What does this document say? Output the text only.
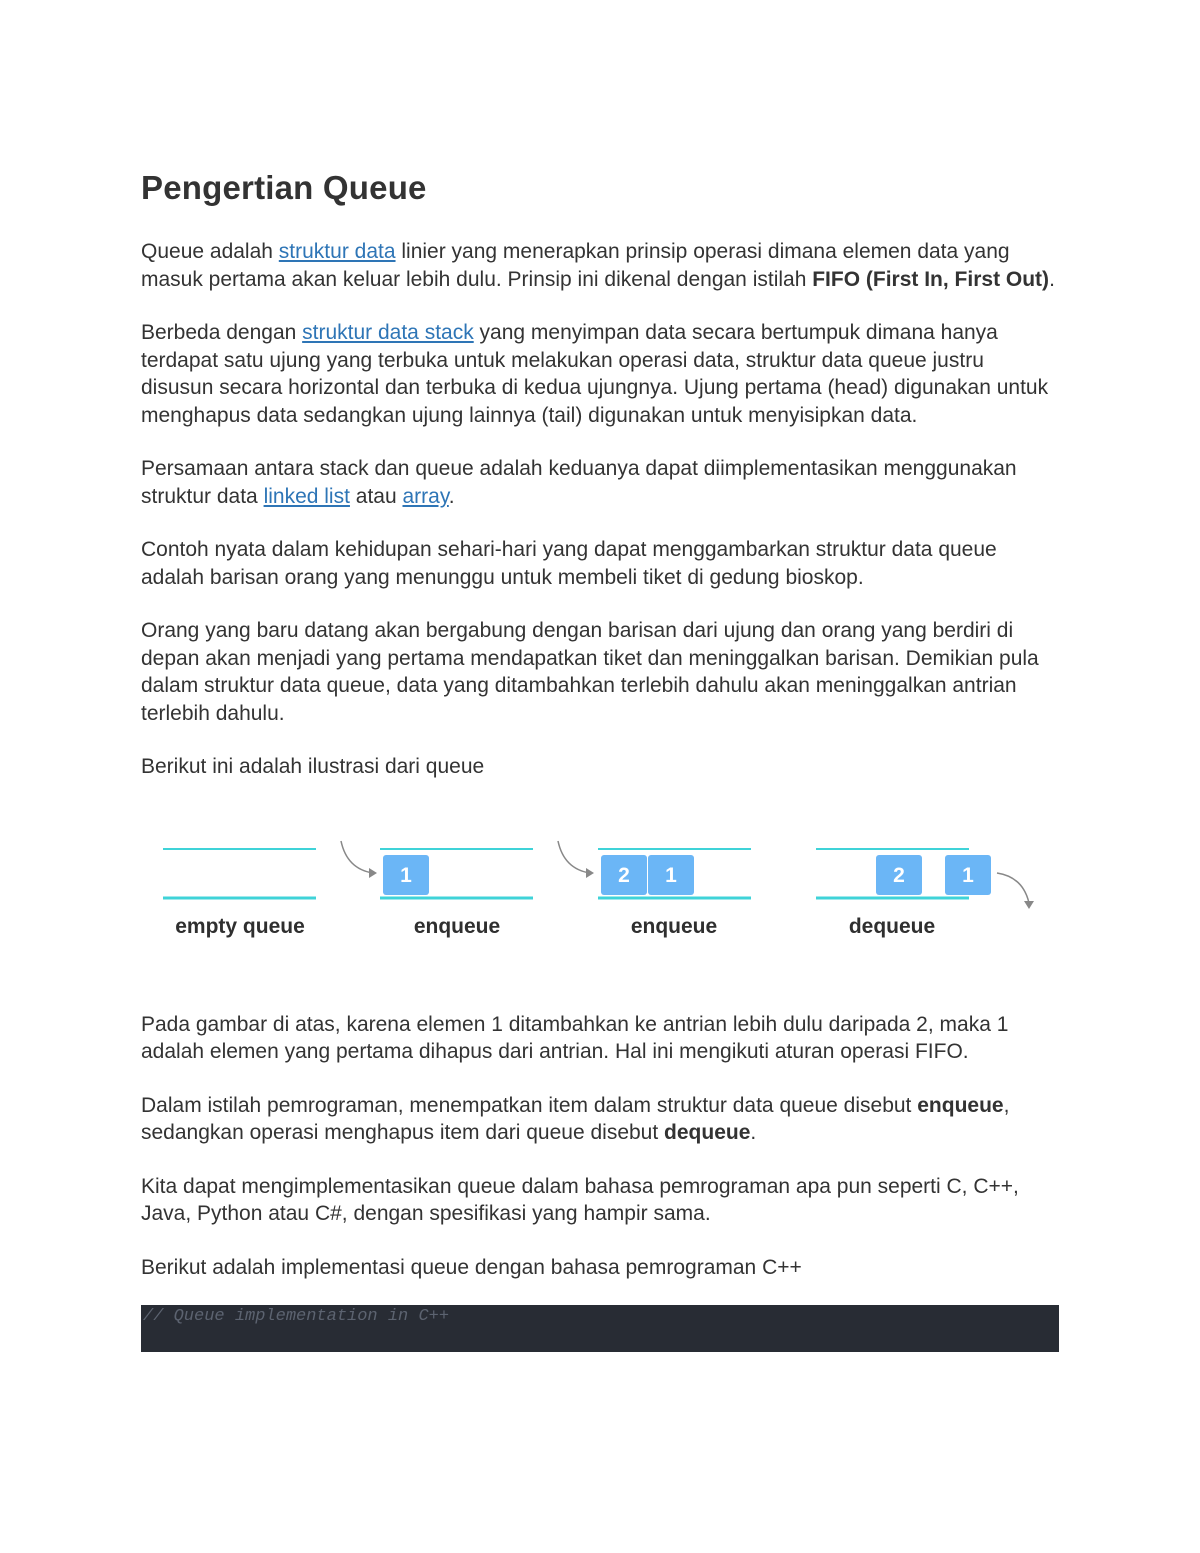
Pengertian Queue

Queue adalah struktur data linier yang menerapkan prinsip operasi dimana elemen data yang masuk pertama akan keluar lebih dulu. Prinsip ini dikenal dengan istilah FIFO (First In, First Out).

Berbeda dengan struktur data stack yang menyimpan data secara bertumpuk dimana hanya terdapat satu ujung yang terbuka untuk melakukan operasi data, struktur data queue justru disusun secara horizontal dan terbuka di kedua ujungnya. Ujung pertama (head) digunakan untuk menghapus data sedangkan ujung lainnya (tail) digunakan untuk menyisipkan data.

Persamaan antara stack dan queue adalah keduanya dapat diimplementasikan menggunakan struktur data linked list atau array.

Contoh nyata dalam kehidupan sehari-hari yang dapat menggambarkan struktur data queue adalah barisan orang yang menunggu untuk membeli tiket di gedung bioskop.

Orang yang baru datang akan bergabung dengan barisan dari ujung dan orang yang berdiri di depan akan menjadi yang pertama mendapatkan tiket dan meninggalkan barisan. Demikian pula dalam struktur data queue, data yang ditambahkan terlebih dahulu akan meninggalkan antrian terlebih dahulu.

Berikut ini adalah ilustrasi dari queue

empty queue
1
enqueue
2 1
enqueue
2	1
dequeue

Pada gambar di atas, karena elemen 1 ditambahkan ke antrian lebih dulu daripada 2, maka 1 adalah elemen yang pertama dihapus dari antrian. Hal ini mengikuti aturan operasi FIFO.

Dalam istilah pemrograman, menempatkan item dalam struktur data queue disebut enqueue, sedangkan operasi menghapus item dari queue disebut dequeue.

Kita dapat mengimplementasikan queue dalam bahasa pemrograman apa pun seperti C, C++, Java, Python atau C#, dengan spesifikasi yang hampir sama.

Berikut adalah implementasi queue dengan bahasa pemrograman C++

// Queue implementation in C++
